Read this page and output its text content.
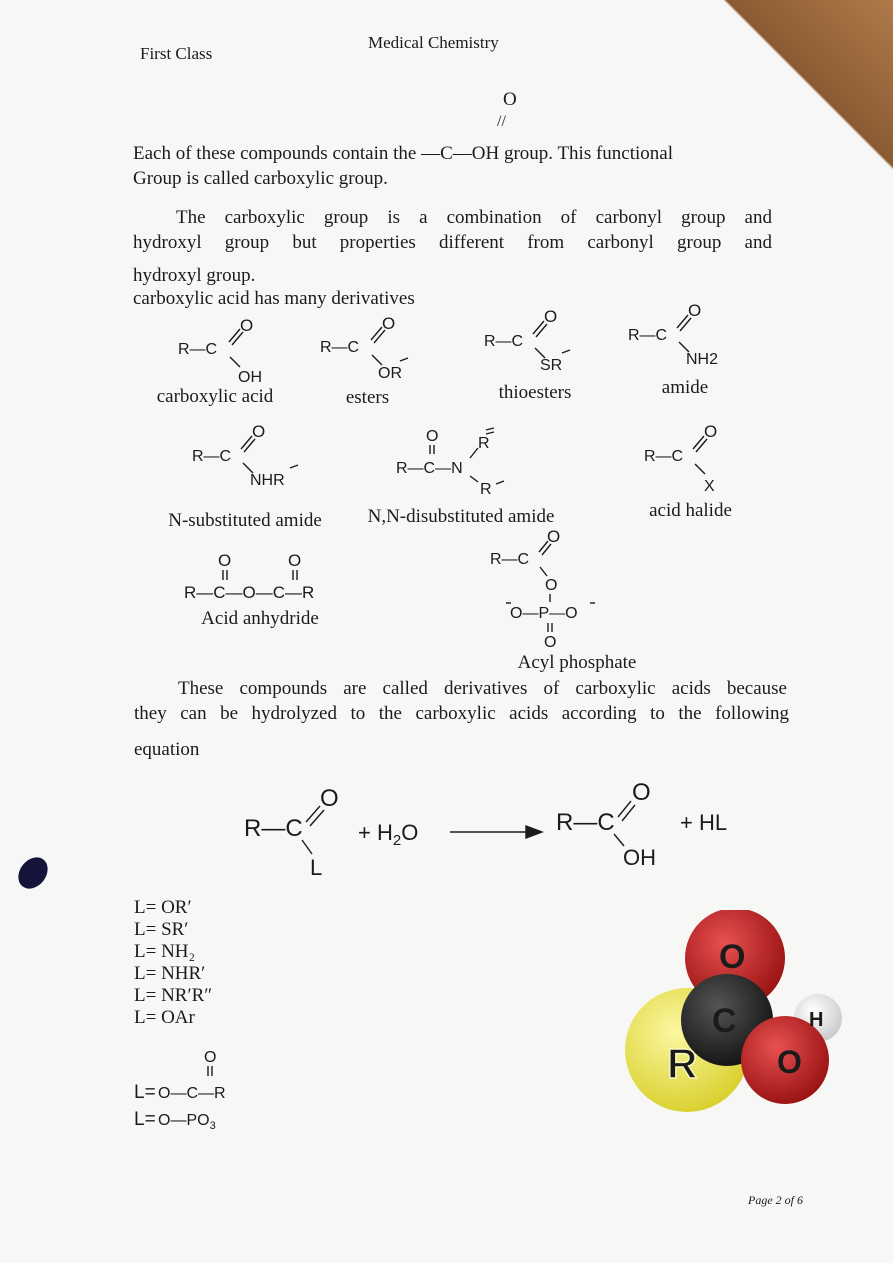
First Class
Medical Chemistry
O
//
Each of these compounds contain the —C—OH group. This functional
Group is called carboxylic group.
The carboxylic group is a combination of carbonyl group and
hydroxyl group but properties different from carbonyl group and
hydroxyl group.
carboxylic acid has many derivatives
R—C
O
OH
carboxylic acid
R—C
O
OR
esters
R—C
O
SR
thioesters
R—C
O
NH2
amide
R—C
O
NHR
N-substituted amide
O
R—C—N
R
R
N,N-disubstituted amide
R—C
O
X
acid halide
O	O
R—C—O—C—R
Acid anhydride
R—C
O
O
O—P—O
O
Acyl phosphate
These compounds are called derivatives of carboxylic acids because
they can be hydrolyzed to the carboxylic acids according to the following
equation
R—C
O
L
+ $H_2O$	R—C
O
OH
+ HL
L= OR′
L= SR′
L= NH₂
L= NHR′
L= NR′R″
L= OAr
L=
O
O—C—R
$L= O—PO_3$
R
O
C
O
H
Page 2 of 6
